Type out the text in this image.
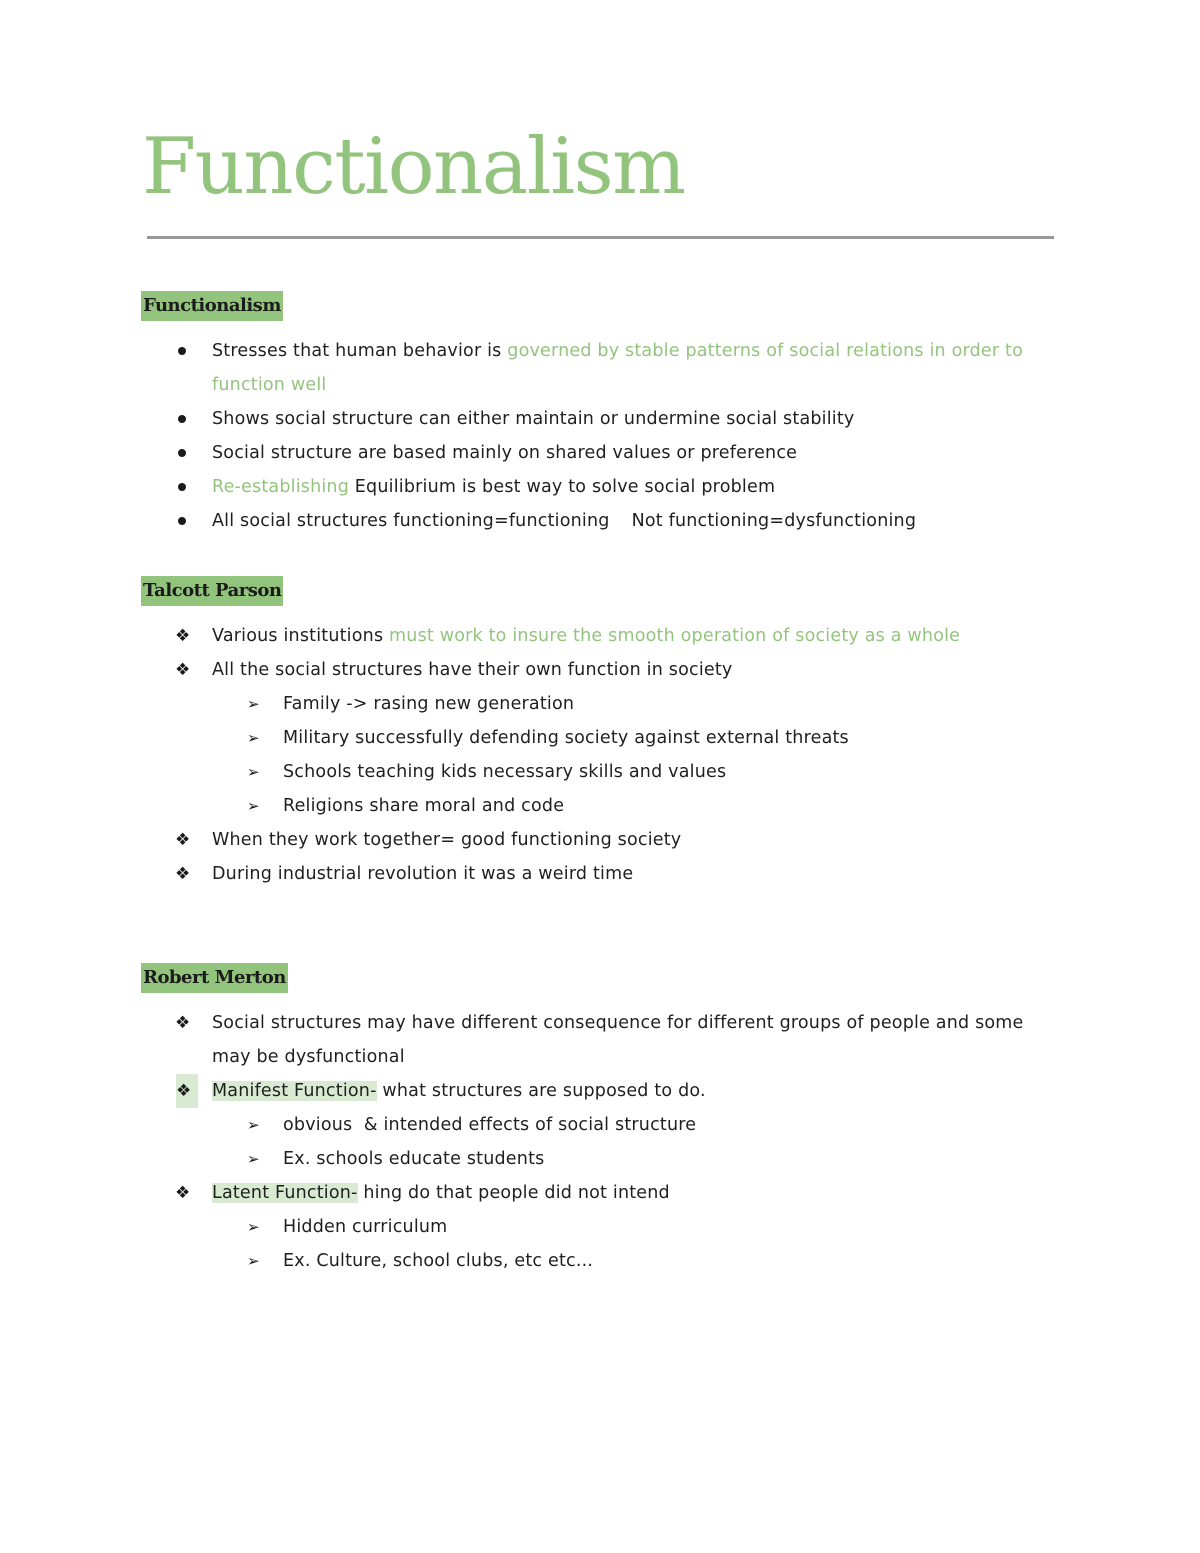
Functionalism
Functionalism
Stresses that human behavior is governed by stable patterns of social relations in order to function well
Shows social structure can either maintain or undermine social stability
Social structure are based mainly on shared values or preference
Re-establishing Equilibrium is best way to solve social problem
All social structures functioning=functioning Not functioning=dysfunctioning
Talcott Parson
❖ Various institutions must work to insure the smooth operation of society as a whole
❖ All the social structures have their own function in society
➢	Family -> rasing new generation
➢	Military successfully defending society against external threats
➢	Schools teaching kids necessary skills and values
➢	Religions share moral and code
❖ When they work together= good functioning society
❖ During industrial revolution it was a weird time
Robert Merton
❖ Social structures may have different consequence for different groups of people and some may be dysfunctional
❖	Manifest Function- what structures are supposed to do.
➢	obvious  & intended effects of social structure
➢	Ex. schools educate students
❖ Latent Function- hing do that people did not intend
➢	Hidden curriculum
➢	Ex. Culture, school clubs, etc etc...
